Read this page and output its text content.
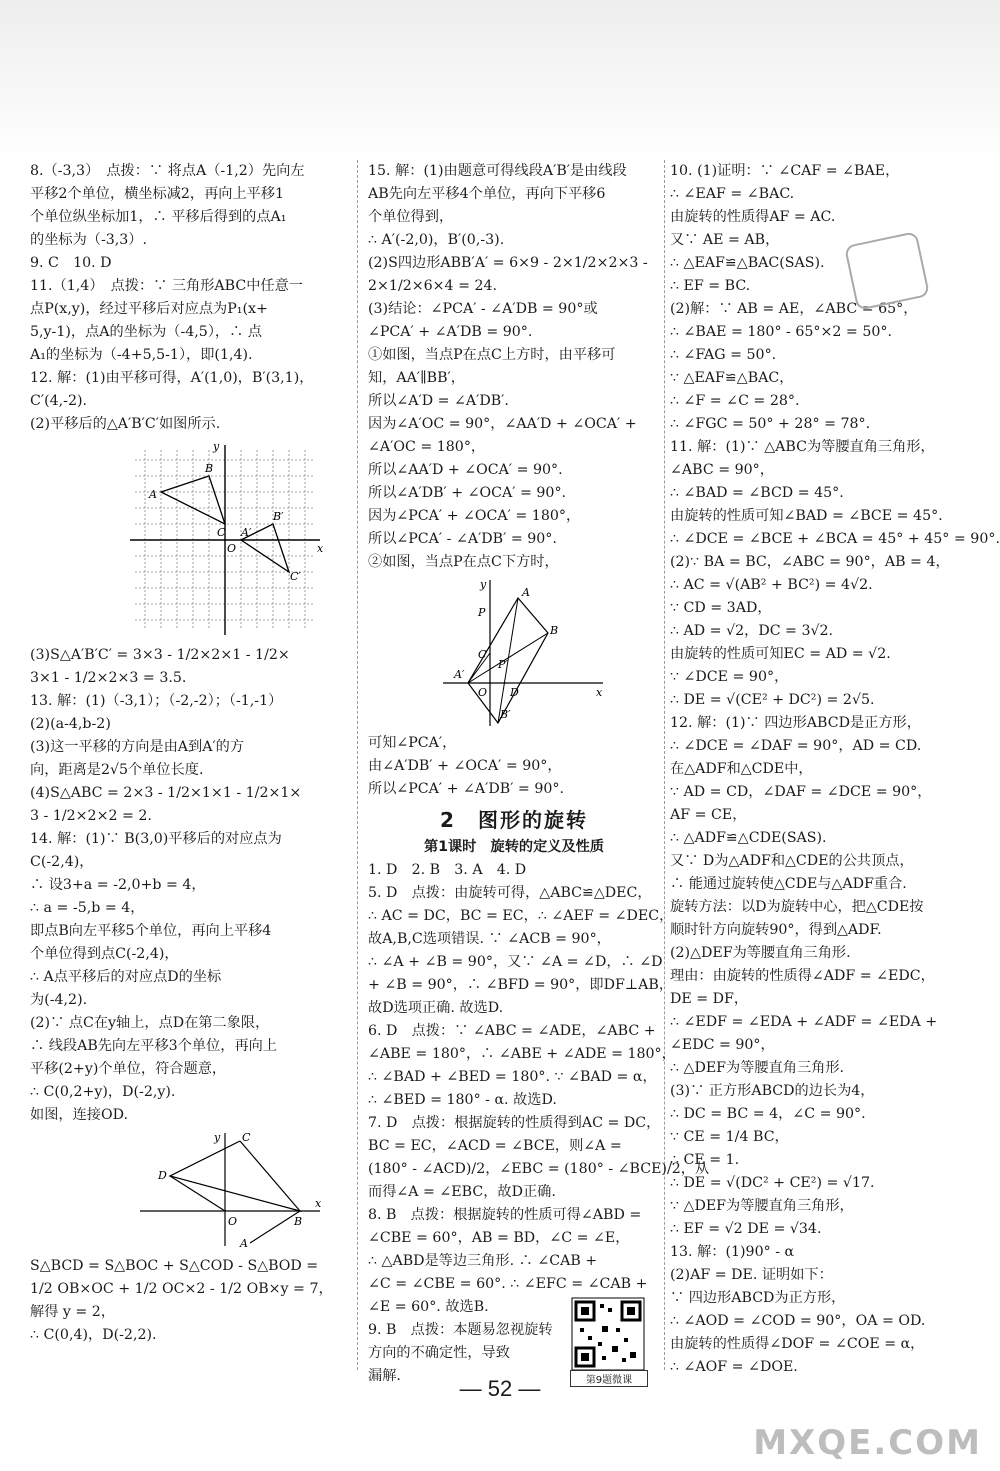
8.（-3,3）　点拨：∵ 将点A（-1,2）先向左

平移2个单位，横坐标减2，再向上平移1

个单位纵坐标加1，∴ 平移后得到的点A₁

的坐标为（-3,3）.

9. C　10. D

11.（1,4）　点拨：∵ 三角形ABC中任意一

点P(x,y)，经过平移后对应点为P₁(x+

5,y-1)，点A的坐标为（-4,5），∴ 点

A₁的坐标为（-4+5,5-1），即(1,4).

12. 解：(1)由平移可得，A′(1,0)，B′(3,1)，

C′(4,-2).

(2)平移后的△A′B′C′如图所示.

x
y
A
B
C A′
B′
C′
O

(3)S△A′B′C′ = 3×3 - 1/2×2×1 - 1/2×

3×1 - 1/2×2×3 = 3.5.

13. 解：(1)（-3,1）；（-2,-2）；（-1,-1）

(2)(a-4,b-2)

(3)这一平移的方向是由A到A′的方

向，距离是2√5个单位长度.

(4)S△ABC = 2×3 - 1/2×1×1 - 1/2×1×

3 - 1/2×2×2 = 2.

14. 解：(1)∵ B(3,0)平移后的对应点为

C(-2,4)，

∴ 设3+a = -2,0+b = 4，

∴ a = -5,b = 4，

即点B向左平移5个单位，再向上平移4

个单位得到点C(-2,4)，

∴ A点平移后的对应点D的坐标

为(-4,2).

(2)∵ 点C在y轴上，点D在第二象限，

∴ 线段AB先向左平移3个单位，再向上

平移(2+y)个单位，符合题意，

∴ C(0,2+y)，D(-2,y).

如图，连接OD.

C
D
O	B
A
x
y

S△BCD = S△BOC + S△COD - S△BOD =

1/2 OB×OC + 1/2 OC×2 - 1/2 OB×y = 7，

解得 y = 2，

∴ C(0,4)，D(-2,2).

15. 解：(1)由题意可得线段A′B′是由线段

AB先向左平移4个单位，再向下平移6

个单位得到，

∴ A′(-2,0)，B′(0,-3).

(2)S四边形ABB′A′ = 6×9 - 2×1/2×2×3 -

2×1/2×6×4 = 24.

(3)结论：∠PCA′ - ∠A′DB = 90°或

∠PCA′ + ∠A′DB = 90°.

①如图，当点P在点C上方时，由平移可

知，AA′∥BB′，

所以∠A′D = ∠A′DB′.

因为∠A′OC = 90°，∠AA′D + ∠OCA′ +

∠A′OC = 180°，

所以∠AA′D + ∠OCA′ = 90°.

所以∠A′DB′ + ∠OCA′ = 90°.

因为∠PCA′ + ∠OCA′ = 180°，

所以∠PCA′ - ∠A′DB′ = 90°.

②如图，当点P在点C下方时，

A
B
C
P
P′
A′
D
O
B′
x
y

可知∠PCA′，

由∠A′DB′ + ∠OCA′ = 90°，

所以∠PCA′ + ∠A′DB′ = 90°.

2　图形的旋转

第1课时　旋转的定义及性质

1. D　2. B　3. A　4. D

5. D　点拨：由旋转可得，△ABC≌△DEC，

∴ AC = DC，BC = EC，∴ ∠AEF = ∠DEC，

故A,B,C选项错误. ∵ ∠ACB = 90°，

∴ ∠A + ∠B = 90°，又∵ ∠A = ∠D，∴ ∠D

+ ∠B = 90°，∴ ∠BFD = 90°，即DF⊥AB，

故D选项正确. 故选D.

6. D　点拨：∵ ∠ABC = ∠ADE，∠ABC +

∠ABE = 180°，∴ ∠ABE + ∠ADE = 180°，

∴ ∠BAD + ∠BED = 180°. ∵ ∠BAD = α，

∴ ∠BED = 180° - α. 故选D.

7. D　点拨：根据旋转的性质得到AC = DC，

BC = EC，∠ACD = ∠BCE，则∠A =

(180° - ∠ACD)/2，∠EBC = (180° - ∠BCE)/2，从

而得∠A = ∠EBC，故D正确.

8. B　点拨：根据旋转的性质可得∠ABD =

∠CBE = 60°，AB = BD，∠C = ∠E，

∴ △ABD是等边三角形. ∴ ∠CAB +

∠C = ∠CBE = 60°. ∴ ∠EFC = ∠CAB +

∠E = 60°. 故选B.

9. B　点拨：本题易忽视旋转

方向的不确定性，导致

漏解.

10. (1)证明：∵ ∠CAF = ∠BAE，

∴ ∠EAF = ∠BAC.

由旋转的性质得AF = AC.

又∵ AE = AB，

∴ △EAF≌△BAC(SAS).

∴ EF = BC.

(2)解：∵ AB = AE，∠ABC = 65°，

∴ ∠BAE = 180° - 65°×2 = 50°.

∴ ∠FAG = 50°.

∵ △EAF≌△BAC，

∴ ∠F = ∠C = 28°.

∴ ∠FGC = 50° + 28° = 78°.

11. 解：(1)∵ △ABC为等腰直角三角形，

∠ABC = 90°，

∴ ∠BAD = ∠BCD = 45°.

由旋转的性质可知∠BAD = ∠BCE = 45°.

∴ ∠DCE = ∠BCE + ∠BCA = 45° + 45° = 90°.

(2)∵ BA = BC，∠ABC = 90°，AB = 4，

∴ AC = √(AB² + BC²) = 4√2.

∵ CD = 3AD，

∴ AD = √2，DC = 3√2.

由旋转的性质可知EC = AD = √2.

∵ ∠DCE = 90°，

∴ DE = √(CE² + DC²) = 2√5.

12. 解：(1)∵ 四边形ABCD是正方形，

∴ ∠DCE = ∠DAF = 90°，AD = CD.

在△ADF和△CDE中，

∵ AD = CD，∠DAF = ∠DCE = 90°，

AF = CE，

∴ △ADF≌△CDE(SAS).

又∵ D为△ADF和△CDE的公共顶点，

∴ 能通过旋转使△CDE与△ADF重合.

旋转方法：以D为旋转中心，把△CDE按

顺时针方向旋转90°，得到△ADF.

(2)△DEF为等腰直角三角形.

理由：由旋转的性质得∠ADF = ∠EDC，

DE = DF，

∴ ∠EDF = ∠EDA + ∠ADF = ∠EDA +

∠EDC = 90°，

∴ △DEF为等腰直角三角形.

(3)∵ 正方形ABCD的边长为4，

∴ DC = BC = 4，∠C = 90°.

∵ CE = 1/4 BC，

∴ CE = 1.

∴ DE = √(DC² + CE²) = √17.

∵ △DEF为等腰直角三角形，

∴ EF = √2 DE = √34.

13. 解：(1)90° - α

(2)AF = DE. 证明如下：

∵ 四边形ABCD为正方形，

∴ ∠AOD = ∠COD = 90°，OA = OD.

由旋转的性质得∠DOF = ∠COE = α，

∴ ∠AOF = ∠DOE.

第9题微课
— 52 —
MXQE.COM
